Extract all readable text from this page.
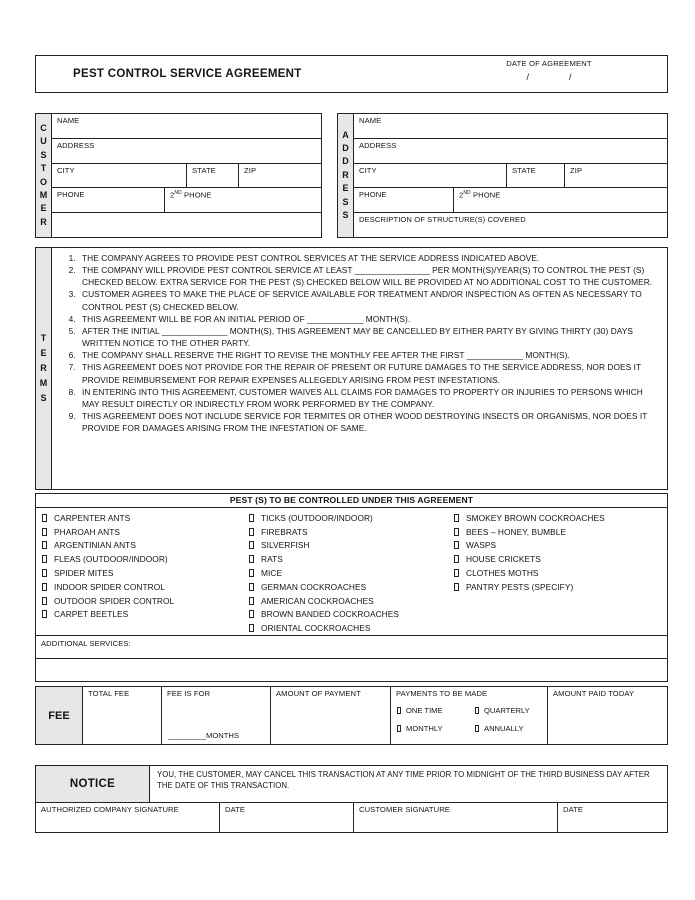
PEST CONTROL SERVICE AGREEMENT
DATE OF AGREEMENT
/	/
CUSTOMER
NAME
ADDRESS
CITY	STATE	ZIP
PHONE	2ND PHONE
ADDRESS
NAME
ADDRESS
CITY	STATE	ZIP
PHONE	2ND PHONE
DESCRIPTION OF STRUCTURE(S) COVERED
TERMS
1. THE COMPANY AGREES TO PROVIDE PEST CONTROL SERVICES AT THE SERVICE ADDRESS INDICATED ABOVE.
2. THE COMPANY WILL PROVIDE PEST CONTROL SERVICE AT LEAST ________________ PER MONTH(S)/YEAR(S) TO CONTROL THE PEST (S) CHECKED BELOW. EXTRA SERVICE FOR THE PEST (S) CHECKED BELOW WILL BE PROVIDED AT NO ADDITIONAL COST TO THE CUSTOMER.
3. CUSTOMER AGREES TO MAKE THE PLACE OF SERVICE AVAILABLE FOR TREATMENT AND/OR INSPECTION AS OFTEN AS NECESSARY TO CONTROL PEST (S) CHECKED BELOW.
4. THIS AGREEMENT WILL BE FOR AN INITIAL PERIOD OF ____________ MONTH(S).
5. AFTER THE INITIAL ______________ MONTH(S), THIS AGREEMENT MAY BE CANCELLED BY EITHER PARTY BY GIVING THIRTY (30) DAYS WRITTEN NOTICE TO THE OTHER PARTY.
6. THE COMPANY SHALL RESERVE THE RIGHT TO REVISE THE MONTHLY FEE AFTER THE FIRST ____________ MONTH(S).
7. THIS AGREEMENT DOES NOT PROVIDE FOR THE REPAIR OF PRESENT OR FUTURE DAMAGES TO THE SERVICE ADDRESS, NOR DOES IT PROVIDE REIMBURSEMENT FOR REPAIR EXPENSES ALLEGEDLY ARISING FROM PEST INFESTATIONS.
8. IN ENTERING INTO THIS AGREEMENT, CUSTOMER WAIVES ALL CLAIMS FOR DAMAGES TO PROPERTY OR INJURIES TO PERSONS WHICH MAY RESULT DIRECTLY OR INDIRECTLY FROM WORK PERFORMED BY THE COMPANY.
9. THIS AGREEMENT DOES NOT INCLUDE SERVICE FOR TERMITES OR OTHER WOOD DESTROYING INSECTS OR ORGANISMS, NOR DOES IT PROVIDE FOR DAMAGES ARISING FROM THE INFESTATION OF SAME.
PEST (S) TO BE CONTROLLED UNDER THIS AGREEMENT
CARPENTER ANTS
PHAROAH ANTS
ARGENTINIAN ANTS
FLEAS (OUTDOOR/INDOOR)
SPIDER MITES
INDOOR SPIDER CONTROL
OUTDOOR SPIDER CONTROL
CARPET BEETLES
TICKS (OUTDOOR/INDOOR)
FIREBRATS
SILVERFISH
RATS
MICE
GERMAN COCKROACHES
AMERICAN COCKROACHES
BROWN BANDED COCKROACHES
ORIENTAL COCKROACHES
SMOKEY BROWN COCKROACHES
BEES – HONEY, BUMBLE
WASPS
HOUSE CRICKETS
CLOTHES MOTHS
PANTRY PESTS (SPECIFY)
ADDITIONAL SERVICES:
FEE
TOTAL FEE	FEE IS FOR
_________MONTHS
AMOUNT OF PAYMENT	PAYMENTS TO BE MADE
ONE TIME	QUARTERLY
MONTHLY	ANNUALLY
AMOUNT PAID TODAY
NOTICE
YOU, THE CUSTOMER, MAY CANCEL THIS TRANSACTION AT ANY TIME PRIOR TO MIDNIGHT OF THE THIRD BUSINESS DAY AFTER THE DATE OF THIS TRANSACTION.
AUTHORIZED COMPANY SIGNATURE	DATE	CUSTOMER SIGNATURE	DATE
